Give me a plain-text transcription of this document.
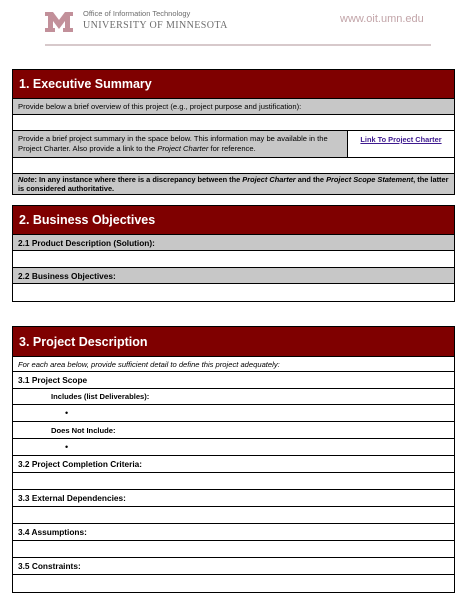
Office of Information Technology
UNIVERSITY OF MINNESOTA
www.oit.umn.edu
1. Executive Summary
Provide below a brief overview of this project (e.g., project purpose and justification):
Provide a brief project summary in the space below. This information may be available in the Project Charter. Also provide a link to the Project Charter for reference.
Link To Project Charter
Note: In any instance where there is a discrepancy between the Project Charter and the Project Scope Statement, the latter is considered authoritative.
2. Business Objectives
2.1 Product Description (Solution):
2.2 Business Objectives:
3. Project Description
For each area below, provide sufficient detail to define this project adequately:
3.1 Project Scope
Includes (list Deliverables):
•
Does Not Include:
•
3.2 Project Completion Criteria:
3.3 External Dependencies:
3.4 Assumptions:
3.5 Constraints:
